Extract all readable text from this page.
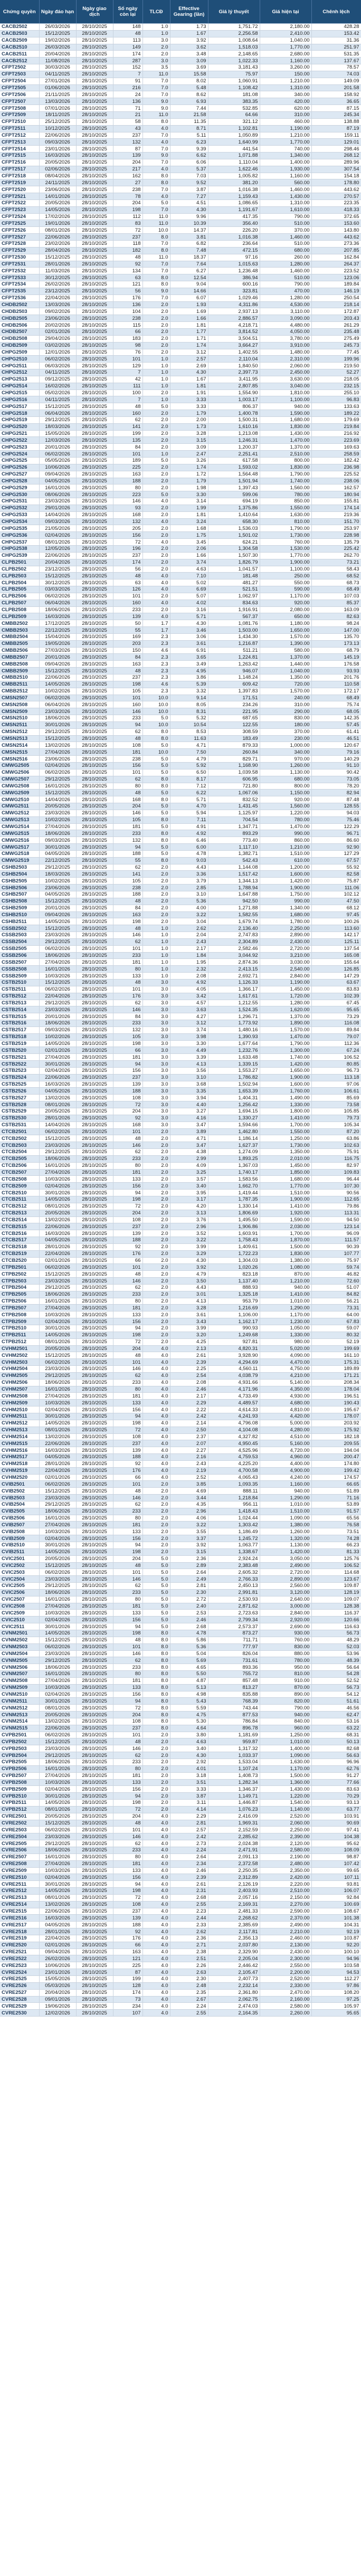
Chứng quyền	Ngày đáo hạn	Ngày giao dịch	Số ngày còn lại	TLCĐ	Effective Gearing (lần)	Giá lý thuyết	Giá hiện tại	Chênh lệch
CACB2502	26/03/2026	28/10/2025	148	1.0	1.73	1,751.72	2,180.00	428.28
CACB2503	15/12/2025	28/10/2025	48	1.0	1.67	2,256.58	2,410.00	153.42
CACB2509	19/02/2026	28/10/2025	113	3.0	3.92	1,008.64	1,040.00	31.36
CACB2510	26/03/2026	28/10/2025	149	2.0	3.62	1,518.03	1,770.00	251.97
CACB2511	20/04/2026	28/10/2025	174	2.0	3.48	2,148.65	2,680.00	531.35
CACB2512	11/08/2026	28/10/2025	287	3.0	3.09	1,022.33	1,160.00	137.67
CFPT2502	30/03/2026	28/10/2025	152	3.5	3.69	3,181.43	3,260.00	78.57
CFPT2503	04/11/2025	28/10/2025	7	11.0	15.58	75.97	150.00	74.03
CFPT2504	27/01/2026	28/10/2025	91	7.0	8.02	1,060.91	1,210.00	149.09
CFPT2505	01/06/2026	28/10/2025	216	7.0	5.48	1,108.42	1,310.00	201.58
CFPT2506	21/11/2025	28/10/2025	24	7.0	8.62	181.08	340.00	158.92
CFPT2507	13/03/2026	28/10/2025	136	9.0	6.93	383.35	420.00	36.65
CFPT2508	07/01/2026	28/10/2025	71	9.0	7.44	532.85	620.00	87.15
CFPT2509	18/11/2025	28/10/2025	21	11.0	21.58	64.66	310.00	245.34
CFPT2510	25/12/2025	28/10/2025	58	8.0	11.35	321.12	460.00	138.88
CFPT2511	10/12/2025	28/10/2025	43	4.0	8.71	1,102.81	1,190.00	87.19
CFPT2512	22/06/2026	28/10/2025	237	7.0	5.11	1,050.89	1,210.00	159.11
CFPT2513	09/03/2026	28/10/2025	132	4.0	6.23	1,640.99	1,770.00	129.01
CFPT2514	23/01/2026	28/10/2025	87	7.0	9.39	441.54	740.00	298.46
CFPT2515	16/03/2026	28/10/2025	139	9.0	6.62	1,071.88	1,340.00	268.12
CFPT2516	20/05/2026	28/10/2025	204	7.0	6.06	1,110.04	1,400.00	289.96
CFPT2517	02/06/2026	28/10/2025	217	4.0	5.37	1,622.46	1,930.00	307.54
CFPT2518	08/04/2026	28/10/2025	162	8.0	7.03	1,005.82	1,160.00	154.18
CFPT2519	24/11/2025	28/10/2025	27	8.0	9.52	381.20	560.00	178.80
CFPT2520	23/06/2026	28/10/2025	238	7.0	3.87	1,016.38	1,460.00	443.62
CFPT2521	14/01/2026	28/10/2025	78	4.0	7.27	1,159.43	1,430.00	270.57
CFPT2522	20/05/2026	28/10/2025	204	5.0	4.51	1,086.65	1,310.00	223.35
CFPT2523	14/05/2026	28/10/2025	198	7.0	4.30	1,191.67	1,610.00	418.33
CFPT2524	17/02/2026	28/10/2025	112	11.0	9.96	417.35	790.00	372.65
CFPT2525	19/01/2026	28/10/2025	83	11.0	10.39	356.40	510.00	153.60
CFPT2526	08/01/2026	28/10/2025	72	10.0	14.37	226.20	370.00	143.80
CFPT2527	22/06/2026	28/10/2025	237	8.0	3.81	1,016.38	1,460.00	443.62
CFPT2528	23/02/2026	28/10/2025	118	7.0	6.82	236.64	510.00	273.36
CFPT2529	28/04/2026	28/10/2025	182	8.0	7.48	472.15	680.00	207.85
CFPT2530	15/12/2025	28/10/2025	48	11.0	18.37	97.16	260.00	162.84
CFPT2531	28/01/2026	28/10/2025	92	7.0	7.64	1,015.63	1,280.00	264.37
CFPT2532	11/03/2026	28/10/2025	134	7.0	6.27	1,236.48	1,460.00	223.52
CFPT2533	30/12/2025	28/10/2025	63	8.0	12.54	386.94	510.00	123.06
CFPT2534	26/02/2026	28/10/2025	121	8.0	9.04	600.16	790.00	189.84
CFPT2535	23/12/2025	28/10/2025	56	9.0	14.66	323.81	470.00	146.19
CFPT2536	22/04/2026	28/10/2025	176	7.0	6.07	1,029.46	1,280.00	250.54
CHDB2502	13/03/2026	28/10/2025	136	2.0	1.93	4,311.86	4,530.00	218.14
CHDB2503	09/02/2026	28/10/2025	104	2.0	1.69	2,937.13	3,110.00	172.87
CHDB2505	23/06/2026	28/10/2025	238	2.0	1.66	2,886.57	3,090.00	203.43
CHDB2506	20/02/2026	28/10/2025	115	2.0	1.81	4,218.71	4,480.00	261.29
CHDB2507	02/01/2026	28/10/2025	66	2.0	1.77	3,814.52	4,050.00	235.48
CHDB2508	29/04/2026	28/10/2025	183	2.0	1.71	3,504.51	3,780.00	275.49
CHDB2509	03/02/2026	28/10/2025	98	2.0	1.74	3,664.27	3,910.00	245.73
CHPG2509	12/01/2026	28/10/2025	76	2.0	3.12	1,402.55	1,480.00	77.45
CHPG2510	06/02/2026	28/10/2025	101	1.0	2.57	2,110.04	2,310.00	199.96
CHPG2511	06/03/2026	28/10/2025	129	1.0	2.69	1,840.50	2,060.00	219.50
CHPG2512	04/11/2025	28/10/2025	7	1.0	4.30	2,397.73	2,450.00	52.27
CHPG2513	09/12/2025	28/10/2025	42	1.0	1.67	3,411.95	3,630.00	218.05
CHPG2514	16/02/2026	28/10/2025	111	1.0	1.81	2,807.85	3,040.00	232.15
CHPG2515	05/02/2026	28/10/2025	100	2.0	1.91	1,554.90	1,810.00	255.10
CHPG2516	04/11/2025	28/10/2025	7	1.0	3.33	1,003.17	1,100.00	96.83
CHPG2517	15/12/2025	28/10/2025	48	5.0	3.33	806.37	940.00	133.63
CHPG2518	06/04/2026	28/10/2025	160	2.0	1.79	1,400.78	1,590.00	189.22
CHPG2519	29/12/2025	28/10/2025	62	2.0	2.00	1,500.31	1,680.00	179.69
CHPG2520	18/03/2026	28/10/2025	141	2.0	1.73	1,610.16	1,830.00	219.84
CHPG2521	15/05/2026	28/10/2025	199	2.0	3.28	1,213.08	1,430.00	216.92
CHPG2522	12/03/2026	28/10/2025	135	2.0	3.15	1,246.31	1,470.00	223.69
CHPG2523	20/01/2026	28/10/2025	84	2.0	3.09	1,200.37	1,370.00	169.63
CHPG2524	06/02/2026	28/10/2025	101	1.0	2.47	2,251.41	2,510.00	258.59
CHPG2525	05/05/2026	28/10/2025	189	5.0	3.26	617.58	800.00	182.42
CHPG2526	10/06/2026	28/10/2025	225	2.0	1.74	1,593.02	1,830.00	236.98
CHPG2527	09/04/2026	28/10/2025	163	2.0	1.72	1,564.48	1,790.00	225.52
CHPG2528	04/05/2026	28/10/2025	188	2.0	1.79	1,501.94	1,740.00	238.06
CHPG2529	16/01/2026	28/10/2025	80	2.0	1.98	1,397.43	1,560.00	162.57
CHPG2530	08/06/2026	28/10/2025	223	5.0	3.30	599.06	780.00	180.94
CHPG2531	23/03/2026	28/10/2025	146	4.0	3.14	694.19	850.00	155.81
CHPG2532	29/01/2026	28/10/2025	93	2.0	1.99	1,375.86	1,550.00	174.14
CHPG2533	14/04/2026	28/10/2025	168	2.0	1.81	1,410.64	1,630.00	219.36
CHPG2534	09/03/2026	28/10/2025	132	4.0	3.24	658.30	810.00	151.70
CHPG2535	21/05/2026	28/10/2025	205	2.0	1.68	1,536.03	1,790.00	253.97
CHPG2536	02/04/2026	28/10/2025	156	2.0	1.75	1,501.02	1,730.00	228.98
CHPG2537	08/01/2026	28/10/2025	72	4.0	3.45	624.21	760.00	135.79
CHPG2538	12/05/2026	28/10/2025	196	2.0	2.06	1,304.58	1,530.00	225.42
CHPG2539	22/06/2026	28/10/2025	237	2.0	1.66	1,507.30	1,770.00	262.70
CLPB2501	20/04/2026	28/10/2025	174	2.0	3.74	1,826.79	1,900.00	73.21
CLPB2502	23/12/2025	28/10/2025	56	2.0	4.63	1,041.57	1,100.00	58.43
CLPB2503	15/12/2025	28/10/2025	48	4.0	7.10	181.48	250.00	68.52
CLPB2504	30/12/2025	28/10/2025	63	4.0	5.02	481.27	550.00	68.73
CLPB2505	03/03/2026	28/10/2025	126	4.0	6.69	521.51	590.00	68.49
CLPB2506	06/02/2026	28/10/2025	101	2.0	5.07	1,062.97	1,170.00	107.03
CLPB2507	06/04/2026	28/10/2025	160	4.0	4.02	834.63	920.00	85.37
CLPB2508	18/06/2026	28/10/2025	233	2.0	3.16	1,916.91	2,080.00	163.09
CLPB2509	16/03/2026	28/10/2025	139	4.0	5.71	567.37	650.00	82.63
CMBB2502	17/12/2025	28/10/2025	50	1.7	4.30	1,081.76	1,180.00	98.24
CMBB2503	22/12/2025	28/10/2025	55	1.7	3.46	1,503.00	1,650.00	147.00
CMBB2504	15/04/2026	28/10/2025	169	2.3	3.06	1,434.30	1,570.00	135.70
CMBB2505	19/05/2026	28/10/2025	203	2.3	3.61	1,216.87	1,390.00	173.13
CMBB2506	27/03/2026	28/10/2025	150	4.6	6.91	511.21	580.00	68.79
CMBB2507	20/01/2026	28/10/2025	84	2.3	3.65	1,224.81	1,370.00	145.19
CMBB2508	09/04/2026	28/10/2025	163	2.3	3.49	1,263.42	1,440.00	176.58
CMBB2509	15/12/2025	28/10/2025	48	2.3	4.95	946.07	1,040.00	93.93
CMBB2510	22/06/2026	28/10/2025	237	2.3	3.86	1,148.24	1,350.00	201.76
CMBB2511	14/05/2026	28/10/2025	198	4.6	5.39	609.42	720.00	110.58
CMBB2512	10/02/2026	28/10/2025	105	2.3	3.32	1,397.83	1,570.00	172.17
CMSN2507	06/02/2026	28/10/2025	101	10.0	9.14	171.51	240.00	68.49
CMSN2508	06/04/2026	28/10/2025	160	10.0	8.05	234.26	310.00	75.74
CMSN2509	23/03/2026	28/10/2025	146	10.0	8.31	221.95	290.00	68.05
CMSN2510	18/06/2026	28/10/2025	233	5.0	5.32	687.65	830.00	142.35
CMSN2511	30/01/2026	28/10/2025	94	10.0	10.54	122.55	180.00	57.45
CMSN2512	29/12/2025	28/10/2025	62	8.0	8.53	308.59	370.00	61.41
CMSN2513	15/12/2025	28/10/2025	48	8.0	11.63	183.49	230.00	46.51
CMSN2514	13/02/2026	28/10/2025	108	5.0	4.71	879.33	1,000.00	120.67
CMSN2515	27/04/2026	28/10/2025	181	10.0	7.50	260.84	340.00	79.16
CMSN2516	23/06/2026	28/10/2025	238	5.0	4.79	829.71	970.00	140.29
CMWG2505	02/04/2026	28/10/2025	156	5.0	5.92	1,168.90	1,260.00	91.10
CMWG2506	06/02/2026	28/10/2025	101	5.0	6.50	1,039.58	1,130.00	90.42
CMWG2507	29/12/2025	28/10/2025	62	8.0	8.17	606.95	680.00	73.05
CMWG2508	16/01/2026	28/10/2025	80	8.0	7.12	721.80	800.00	78.20
CMWG2509	15/12/2025	28/10/2025	48	5.0	6.22	1,067.06	1,150.00	82.94
CMWG2510	14/04/2026	28/10/2025	168	8.0	5.71	832.52	920.00	87.48
CMWG2511	20/05/2026	28/10/2025	204	5.0	4.70	1,431.45	1,560.00	128.55
CMWG2512	23/03/2026	28/10/2025	146	5.0	5.94	1,125.97	1,220.00	94.03
CMWG2513	10/02/2026	28/10/2025	105	8.0	7.11	704.54	780.00	75.46
CMWG2514	27/04/2026	28/10/2025	181	5.0	4.91	1,347.71	1,470.00	122.29
CMWG2515	18/06/2026	28/10/2025	233	8.0	4.92	893.29	990.00	96.71
CMWG2516	09/03/2026	28/10/2025	132	8.0	6.46	773.40	860.00	86.60
CMWG2517	30/01/2026	28/10/2025	94	5.0	6.00	1,117.10	1,210.00	92.90
CMWG2518	04/05/2026	28/10/2025	188	5.0	4.78	1,382.71	1,510.00	127.29
CMWG2519	22/12/2025	28/10/2025	55	8.0	9.03	542.43	610.00	67.57
CSHB2503	29/12/2025	28/10/2025	62	2.0	4.43	1,144.08	1,200.00	55.92
CSHB2504	18/03/2026	28/10/2025	141	2.0	3.36	1,517.42	1,600.00	82.58
CSHB2505	10/02/2026	28/10/2025	105	2.0	3.79	1,344.13	1,420.00	75.87
CSHB2506	23/06/2026	28/10/2025	238	2.0	2.85	1,788.94	1,900.00	111.06
CSHB2507	04/05/2026	28/10/2025	188	2.0	3.10	1,647.88	1,750.00	102.12
CSHB2508	15/12/2025	28/10/2025	48	2.0	5.36	942.50	990.00	47.50
CSHB2509	20/01/2026	28/10/2025	84	2.0	4.00	1,271.88	1,340.00	68.12
CSHB2510	09/04/2026	28/10/2025	163	2.0	3.22	1,582.55	1,680.00	97.45
CSHB2511	14/05/2026	28/10/2025	198	2.0	3.04	1,679.74	1,780.00	100.26
CSSB2502	15/12/2025	28/10/2025	48	1.0	2.62	2,136.40	2,250.00	113.60
CSSB2503	23/03/2026	28/10/2025	146	1.0	2.04	2,747.83	2,890.00	142.17
CSSB2504	29/12/2025	28/10/2025	62	1.0	2.43	2,304.89	2,430.00	125.11
CSSB2505	06/02/2026	28/10/2025	101	1.0	2.17	2,582.46	2,720.00	137.54
CSSB2506	18/06/2026	28/10/2025	233	1.0	1.84	3,044.92	3,210.00	165.08
CSSB2507	27/04/2026	28/10/2025	181	1.0	1.95	2,874.36	3,030.00	155.64
CSSB2508	16/01/2026	28/10/2025	80	1.0	2.32	2,413.15	2,540.00	126.85
CSSB2509	10/03/2026	28/10/2025	133	1.0	2.08	2,692.71	2,840.00	147.29
CSTB2510	15/12/2025	28/10/2025	48	3.0	4.92	1,126.33	1,190.00	63.67
CSTB2511	06/02/2026	28/10/2025	101	3.0	4.05	1,366.17	1,450.00	83.83
CSTB2512	22/04/2026	28/10/2025	176	3.0	3.42	1,617.61	1,720.00	102.39
CSTB2513	29/12/2025	28/10/2025	62	3.0	4.57	1,212.55	1,280.00	67.45
CSTB2514	23/03/2026	28/10/2025	146	3.0	3.63	1,524.35	1,620.00	95.65
CSTB2515	20/01/2026	28/10/2025	84	3.0	4.27	1,296.71	1,370.00	73.29
CSTB2516	18/06/2026	28/10/2025	233	3.0	3.12	1,773.92	1,890.00	116.08
CSTB2517	09/03/2026	28/10/2025	132	3.0	3.74	1,480.16	1,570.00	89.84
CSTB2518	10/02/2026	28/10/2025	105	3.0	3.98	1,390.93	1,470.00	79.07
CSTB2519	14/05/2026	28/10/2025	198	3.0	3.30	1,677.64	1,790.00	112.36
CSTB2520	02/01/2026	28/10/2025	66	3.0	4.49	1,232.76	1,300.00	67.24
CSTB2521	27/04/2026	28/10/2025	181	3.0	3.39	1,633.48	1,740.00	106.52
CSTB2522	30/01/2026	28/10/2025	94	3.0	4.13	1,339.15	1,420.00	80.85
CSTB2523	02/04/2026	28/10/2025	156	3.0	3.56	1,553.27	1,650.00	96.73
CSTB2524	22/06/2026	28/10/2025	237	3.0	3.10	1,786.82	1,900.00	113.18
CSTB2525	16/03/2026	28/10/2025	139	3.0	3.68	1,502.94	1,600.00	97.06
CSTB2526	04/05/2026	28/10/2025	188	3.0	3.35	1,653.39	1,760.00	106.61
CSTB2527	13/02/2026	28/10/2025	108	3.0	3.94	1,404.31	1,490.00	85.69
CSTB2528	08/01/2026	28/10/2025	72	3.0	4.40	1,256.42	1,330.00	73.58
CSTB2529	20/05/2026	28/10/2025	204	3.0	3.27	1,694.15	1,800.00	105.85
CSTB2530	28/01/2026	28/10/2025	92	3.0	4.16	1,330.27	1,410.00	79.73
CSTB2531	14/04/2026	28/10/2025	168	3.0	3.47	1,594.66	1,700.00	105.34
CTCB2501	06/02/2026	28/10/2025	101	2.0	3.89	1,462.80	1,550.00	87.20
CTCB2502	15/12/2025	28/10/2025	48	2.0	4.71	1,186.14	1,250.00	63.86
CTCB2503	23/03/2026	28/10/2025	146	2.0	3.47	1,627.37	1,730.00	102.63
CTCB2504	29/12/2025	28/10/2025	62	2.0	4.38	1,274.09	1,350.00	75.91
CTCB2505	18/06/2026	28/10/2025	233	2.0	2.99	1,893.25	2,010.00	116.75
CTCB2506	16/01/2026	28/10/2025	80	2.0	4.09	1,367.03	1,450.00	82.97
CTCB2507	27/04/2026	28/10/2025	181	2.0	3.25	1,740.17	1,850.00	109.83
CTCB2508	10/03/2026	28/10/2025	133	2.0	3.57	1,583.56	1,680.00	96.44
CTCB2509	02/04/2026	28/10/2025	156	2.0	3.40	1,662.70	1,770.00	107.30
CTCB2510	30/01/2026	28/10/2025	94	2.0	3.95	1,419.44	1,510.00	90.56
CTCB2511	14/05/2026	28/10/2025	198	2.0	3.17	1,787.35	1,900.00	112.65
CTCB2512	08/01/2026	28/10/2025	72	2.0	4.20	1,330.14	1,410.00	79.86
CTCB2513	20/05/2026	28/10/2025	204	2.0	3.13	1,806.69	1,920.00	113.31
CTCB2514	13/02/2026	28/10/2025	108	2.0	3.76	1,495.50	1,590.00	94.50
CTCB2515	22/06/2026	28/10/2025	237	2.0	2.96	1,906.86	2,030.00	123.14
CTCB2516	16/03/2026	28/10/2025	139	2.0	3.52	1,603.91	1,700.00	96.09
CTCB2517	04/05/2026	28/10/2025	188	2.0	3.22	1,758.43	1,870.00	111.57
CTCB2518	28/01/2026	28/10/2025	92	2.0	3.99	1,409.61	1,500.00	90.39
CTCB2519	22/04/2026	28/10/2025	176	2.0	3.29	1,722.23	1,830.00	107.77
CTCB2520	02/01/2026	28/10/2025	66	2.0	4.30	1,304.03	1,380.00	75.97
CTPB2501	06/02/2026	28/10/2025	101	2.0	3.92	1,020.26	1,080.00	59.74
CTPB2502	15/12/2025	28/10/2025	48	2.0	4.79	823.18	870.00	46.82
CTPB2503	23/03/2026	28/10/2025	146	2.0	3.50	1,137.40	1,210.00	72.60
CTPB2504	29/12/2025	28/10/2025	62	2.0	4.43	888.93	940.00	51.07
CTPB2505	18/06/2026	28/10/2025	233	2.0	3.01	1,325.18	1,410.00	84.82
CTPB2506	16/01/2026	28/10/2025	80	2.0	4.13	953.79	1,010.00	56.21
CTPB2507	27/04/2026	28/10/2025	181	2.0	3.28	1,216.69	1,290.00	73.31
CTPB2508	10/03/2026	28/10/2025	133	2.0	3.61	1,106.00	1,170.00	64.00
CTPB2509	02/04/2026	28/10/2025	156	2.0	3.43	1,162.17	1,230.00	67.83
CTPB2510	30/01/2026	28/10/2025	94	2.0	3.99	990.93	1,050.00	59.07
CTPB2511	14/05/2026	28/10/2025	198	2.0	3.20	1,249.68	1,330.00	80.32
CTPB2512	08/01/2026	28/10/2025	72	2.0	4.25	927.81	980.00	52.19
CVHM2501	20/05/2026	28/10/2025	204	4.0	2.13	4,820.31	5,020.00	199.69
CVHM2502	15/12/2025	28/10/2025	48	4.0	2.61	3,928.90	4,090.00	161.10
CVHM2503	06/02/2026	28/10/2025	101	4.0	2.39	4,294.69	4,470.00	175.31
CVHM2504	23/03/2026	28/10/2025	146	4.0	2.25	4,560.11	4,750.00	189.89
CVHM2505	29/12/2025	28/10/2025	62	4.0	2.54	4,038.79	4,210.00	171.21
CVHM2506	18/06/2026	28/10/2025	233	4.0	2.08	4,931.66	5,140.00	208.34
CVHM2507	16/01/2026	28/10/2025	80	4.0	2.46	4,171.96	4,350.00	178.04
CVHM2508	27/04/2026	28/10/2025	181	4.0	2.17	4,733.49	4,930.00	196.51
CVHM2509	10/03/2026	28/10/2025	133	4.0	2.29	4,489.57	4,680.00	190.43
CVHM2510	02/04/2026	28/10/2025	156	4.0	2.22	4,614.33	4,810.00	195.67
CVHM2511	30/01/2026	28/10/2025	94	4.0	2.42	4,241.93	4,420.00	178.07
CVHM2512	14/05/2026	28/10/2025	198	4.0	2.14	4,796.08	5,000.00	203.92
CVHM2513	08/01/2026	28/10/2025	72	4.0	2.50	4,104.08	4,280.00	175.92
CVHM2514	13/02/2026	28/10/2025	108	4.0	2.37	4,327.82	4,510.00	182.18
CVHM2515	22/06/2026	28/10/2025	237	4.0	2.07	4,950.45	5,160.00	209.55
CVHM2516	16/03/2026	28/10/2025	139	4.0	2.27	4,525.96	4,720.00	194.04
CVHM2517	04/05/2026	28/10/2025	188	4.0	2.16	4,759.53	4,960.00	200.47
CVHM2518	28/01/2026	28/10/2025	92	4.0	2.43	4,225.20	4,400.00	174.80
CVHM2519	22/04/2026	28/10/2025	176	4.0	2.19	4,700.58	4,900.00	199.42
CVHM2520	02/01/2026	28/10/2025	66	4.0	2.52	4,065.43	4,240.00	174.57
CVIB2501	06/02/2026	28/10/2025	101	2.0	3.85	1,093.35	1,160.00	66.65
CVIB2502	15/12/2025	28/10/2025	48	2.0	4.69	888.11	940.00	51.89
CVIB2503	23/03/2026	28/10/2025	146	2.0	3.44	1,218.84	1,290.00	71.16
CVIB2504	29/12/2025	28/10/2025	62	2.0	4.35	956.11	1,010.00	53.89
CVIB2505	18/06/2026	28/10/2025	233	2.0	2.96	1,418.43	1,510.00	91.57
CVIB2506	16/01/2026	28/10/2025	80	2.0	4.06	1,024.44	1,090.00	65.56
CVIB2507	27/04/2026	28/10/2025	181	2.0	3.22	1,303.42	1,380.00	76.58
CVIB2508	10/03/2026	28/10/2025	133	2.0	3.55	1,186.49	1,260.00	73.51
CVIB2509	02/04/2026	28/10/2025	156	2.0	3.37	1,245.72	1,320.00	74.28
CVIB2510	30/01/2026	28/10/2025	94	2.0	3.92	1,063.77	1,130.00	66.23
CVIB2511	14/05/2026	28/10/2025	198	2.0	3.15	1,338.67	1,420.00	81.33
CVIC2501	20/05/2026	28/10/2025	204	5.0	2.36	2,924.24	3,050.00	125.76
CVIC2502	15/12/2025	28/10/2025	48	5.0	2.89	2,383.48	2,490.00	106.52
CVIC2503	06/02/2026	28/10/2025	101	5.0	2.64	2,605.32	2,720.00	114.68
CVIC2504	23/03/2026	28/10/2025	146	5.0	2.49	2,766.33	2,890.00	123.67
CVIC2505	29/12/2025	28/10/2025	62	5.0	2.81	2,450.13	2,560.00	109.87
CVIC2506	18/06/2026	28/10/2025	233	5.0	2.30	2,991.81	3,120.00	128.19
CVIC2507	16/01/2026	28/10/2025	80	5.0	2.72	2,530.93	2,640.00	109.07
CVIC2508	27/04/2026	28/10/2025	181	5.0	2.40	2,871.62	3,000.00	128.38
CVIC2509	10/03/2026	28/10/2025	133	5.0	2.53	2,723.63	2,840.00	116.37
CVIC2510	02/04/2026	28/10/2025	156	5.0	2.46	2,799.34	2,920.00	120.66
CVIC2511	30/01/2026	28/10/2025	94	5.0	2.68	2,573.37	2,690.00	116.63
CVNM2501	14/05/2026	28/10/2025	198	8.0	4.78	873.27	930.00	56.73
CVNM2502	15/12/2025	28/10/2025	48	8.0	5.86	711.71	760.00	48.29
CVNM2503	06/02/2026	28/10/2025	101	8.0	5.36	777.97	830.00	52.03
CVNM2504	23/03/2026	28/10/2025	146	8.0	5.04	826.04	880.00	53.96
CVNM2505	29/12/2025	28/10/2025	62	8.0	5.69	731.61	780.00	48.39
CVNM2506	18/06/2026	28/10/2025	233	8.0	4.65	893.36	950.00	56.64
CVNM2507	16/01/2026	28/10/2025	80	8.0	5.50	755.72	810.00	54.28
CVNM2508	27/04/2026	28/10/2025	181	8.0	4.87	857.48	910.00	52.52
CVNM2509	10/03/2026	28/10/2025	133	8.0	5.13	813.27	870.00	56.73
CVNM2510	02/04/2026	28/10/2025	156	8.0	4.98	835.88	890.00	54.12
CVNM2511	30/01/2026	28/10/2025	94	8.0	5.43	768.39	820.00	51.61
CVNM2512	08/01/2026	28/10/2025	72	8.0	5.59	743.44	790.00	46.56
CVNM2513	20/05/2026	28/10/2025	204	8.0	4.75	877.53	940.00	62.47
CVNM2514	13/02/2026	28/10/2025	108	8.0	5.30	786.84	840.00	53.16
CVNM2515	22/06/2026	28/10/2025	237	8.0	4.64	896.78	960.00	63.22
CVPB2501	06/02/2026	28/10/2025	101	2.0	3.80	1,181.69	1,250.00	68.31
CVPB2502	15/12/2025	28/10/2025	48	2.0	4.63	959.87	1,010.00	50.13
CVPB2503	23/03/2026	28/10/2025	146	2.0	3.40	1,317.32	1,400.00	82.68
CVPB2504	29/12/2025	28/10/2025	62	2.0	4.30	1,033.37	1,090.00	56.63
CVPB2505	18/06/2026	28/10/2025	233	2.0	2.92	1,533.04	1,630.00	96.96
CVPB2506	16/01/2026	28/10/2025	80	2.0	4.01	1,107.24	1,170.00	62.76
CVPB2507	27/04/2026	28/10/2025	181	2.0	3.18	1,408.73	1,500.00	91.27
CVPB2508	10/03/2026	28/10/2025	133	2.0	3.51	1,282.34	1,360.00	77.66
CVPB2509	02/04/2026	28/10/2025	156	2.0	3.33	1,346.37	1,430.00	83.63
CVPB2510	30/01/2026	28/10/2025	94	2.0	3.87	1,149.71	1,220.00	70.29
CVPB2511	14/05/2026	28/10/2025	198	2.0	3.11	1,446.87	1,540.00	93.13
CVPB2512	08/01/2026	28/10/2025	72	2.0	4.14	1,076.23	1,140.00	63.77
CVRE2501	20/05/2026	28/10/2025	204	4.0	2.29	2,416.09	2,520.00	103.91
CVRE2502	15/12/2025	28/10/2025	48	4.0	2.81	1,969.31	2,060.00	90.69
CVRE2503	06/02/2026	28/10/2025	101	4.0	2.57	2,152.59	2,250.00	97.41
CVRE2504	23/03/2026	28/10/2025	146	4.0	2.42	2,285.62	2,390.00	104.38
CVRE2505	29/12/2025	28/10/2025	62	4.0	2.73	2,024.38	2,120.00	95.62
CVRE2506	18/06/2026	28/10/2025	233	4.0	2.24	2,471.91	2,580.00	108.09
CVRE2507	16/01/2026	28/10/2025	80	4.0	2.64	2,091.13	2,190.00	98.87
CVRE2508	27/04/2026	28/10/2025	181	4.0	2.34	2,372.58	2,480.00	107.42
CVRE2509	10/03/2026	28/10/2025	133	4.0	2.46	2,250.35	2,350.00	99.65
CVRE2510	02/04/2026	28/10/2025	156	4.0	2.39	2,312.89	2,420.00	107.11
CVRE2511	30/01/2026	28/10/2025	94	4.0	2.61	2,126.19	2,220.00	93.81
CVRE2512	14/05/2026	28/10/2025	198	4.0	2.31	2,403.93	2,510.00	106.07
CVRE2513	08/01/2026	28/10/2025	72	4.0	2.68	2,057.16	2,150.00	92.84
CVRE2514	13/02/2026	28/10/2025	108	4.0	2.55	2,169.31	2,270.00	100.69
CVRE2515	22/06/2026	28/10/2025	237	4.0	2.23	2,481.33	2,590.00	108.67
CVRE2516	16/03/2026	28/10/2025	139	4.0	2.44	2,268.62	2,370.00	101.38
CVRE2517	04/05/2026	28/10/2025	188	4.0	2.33	2,385.69	2,490.00	104.31
CVRE2518	28/01/2026	28/10/2025	92	4.0	2.62	2,117.81	2,210.00	92.19
CVRE2519	22/04/2026	28/10/2025	176	4.0	2.36	2,356.13	2,460.00	103.87
CVRE2520	02/01/2026	28/10/2025	66	4.0	2.71	2,037.80	2,130.00	92.20
CVRE2521	09/04/2026	28/10/2025	163	4.0	2.38	2,329.90	2,430.00	100.10
CVRE2522	26/02/2026	28/10/2025	121	4.0	2.51	2,205.04	2,300.00	94.96
CVRE2523	10/06/2026	28/10/2025	225	4.0	2.26	2,446.42	2,550.00	103.58
CVRE2524	23/01/2026	28/10/2025	87	4.0	2.63	2,105.47	2,200.00	94.53
CVRE2525	15/05/2026	28/10/2025	199	4.0	2.30	2,407.73	2,520.00	112.27
CVRE2526	05/03/2026	28/10/2025	128	4.0	2.48	2,232.14	2,330.00	97.86
CVRE2527	20/04/2026	28/10/2025	174	4.0	2.35	2,361.80	2,470.00	108.20
CVRE2528	09/01/2026	28/10/2025	73	4.0	2.67	2,062.75	2,160.00	97.25
CVRE2529	19/06/2026	28/10/2025	234	4.0	2.24	2,474.03	2,580.00	105.97
CVRE2530	12/02/2026	28/10/2025	107	4.0	2.55	2,164.35	2,260.00	95.65
